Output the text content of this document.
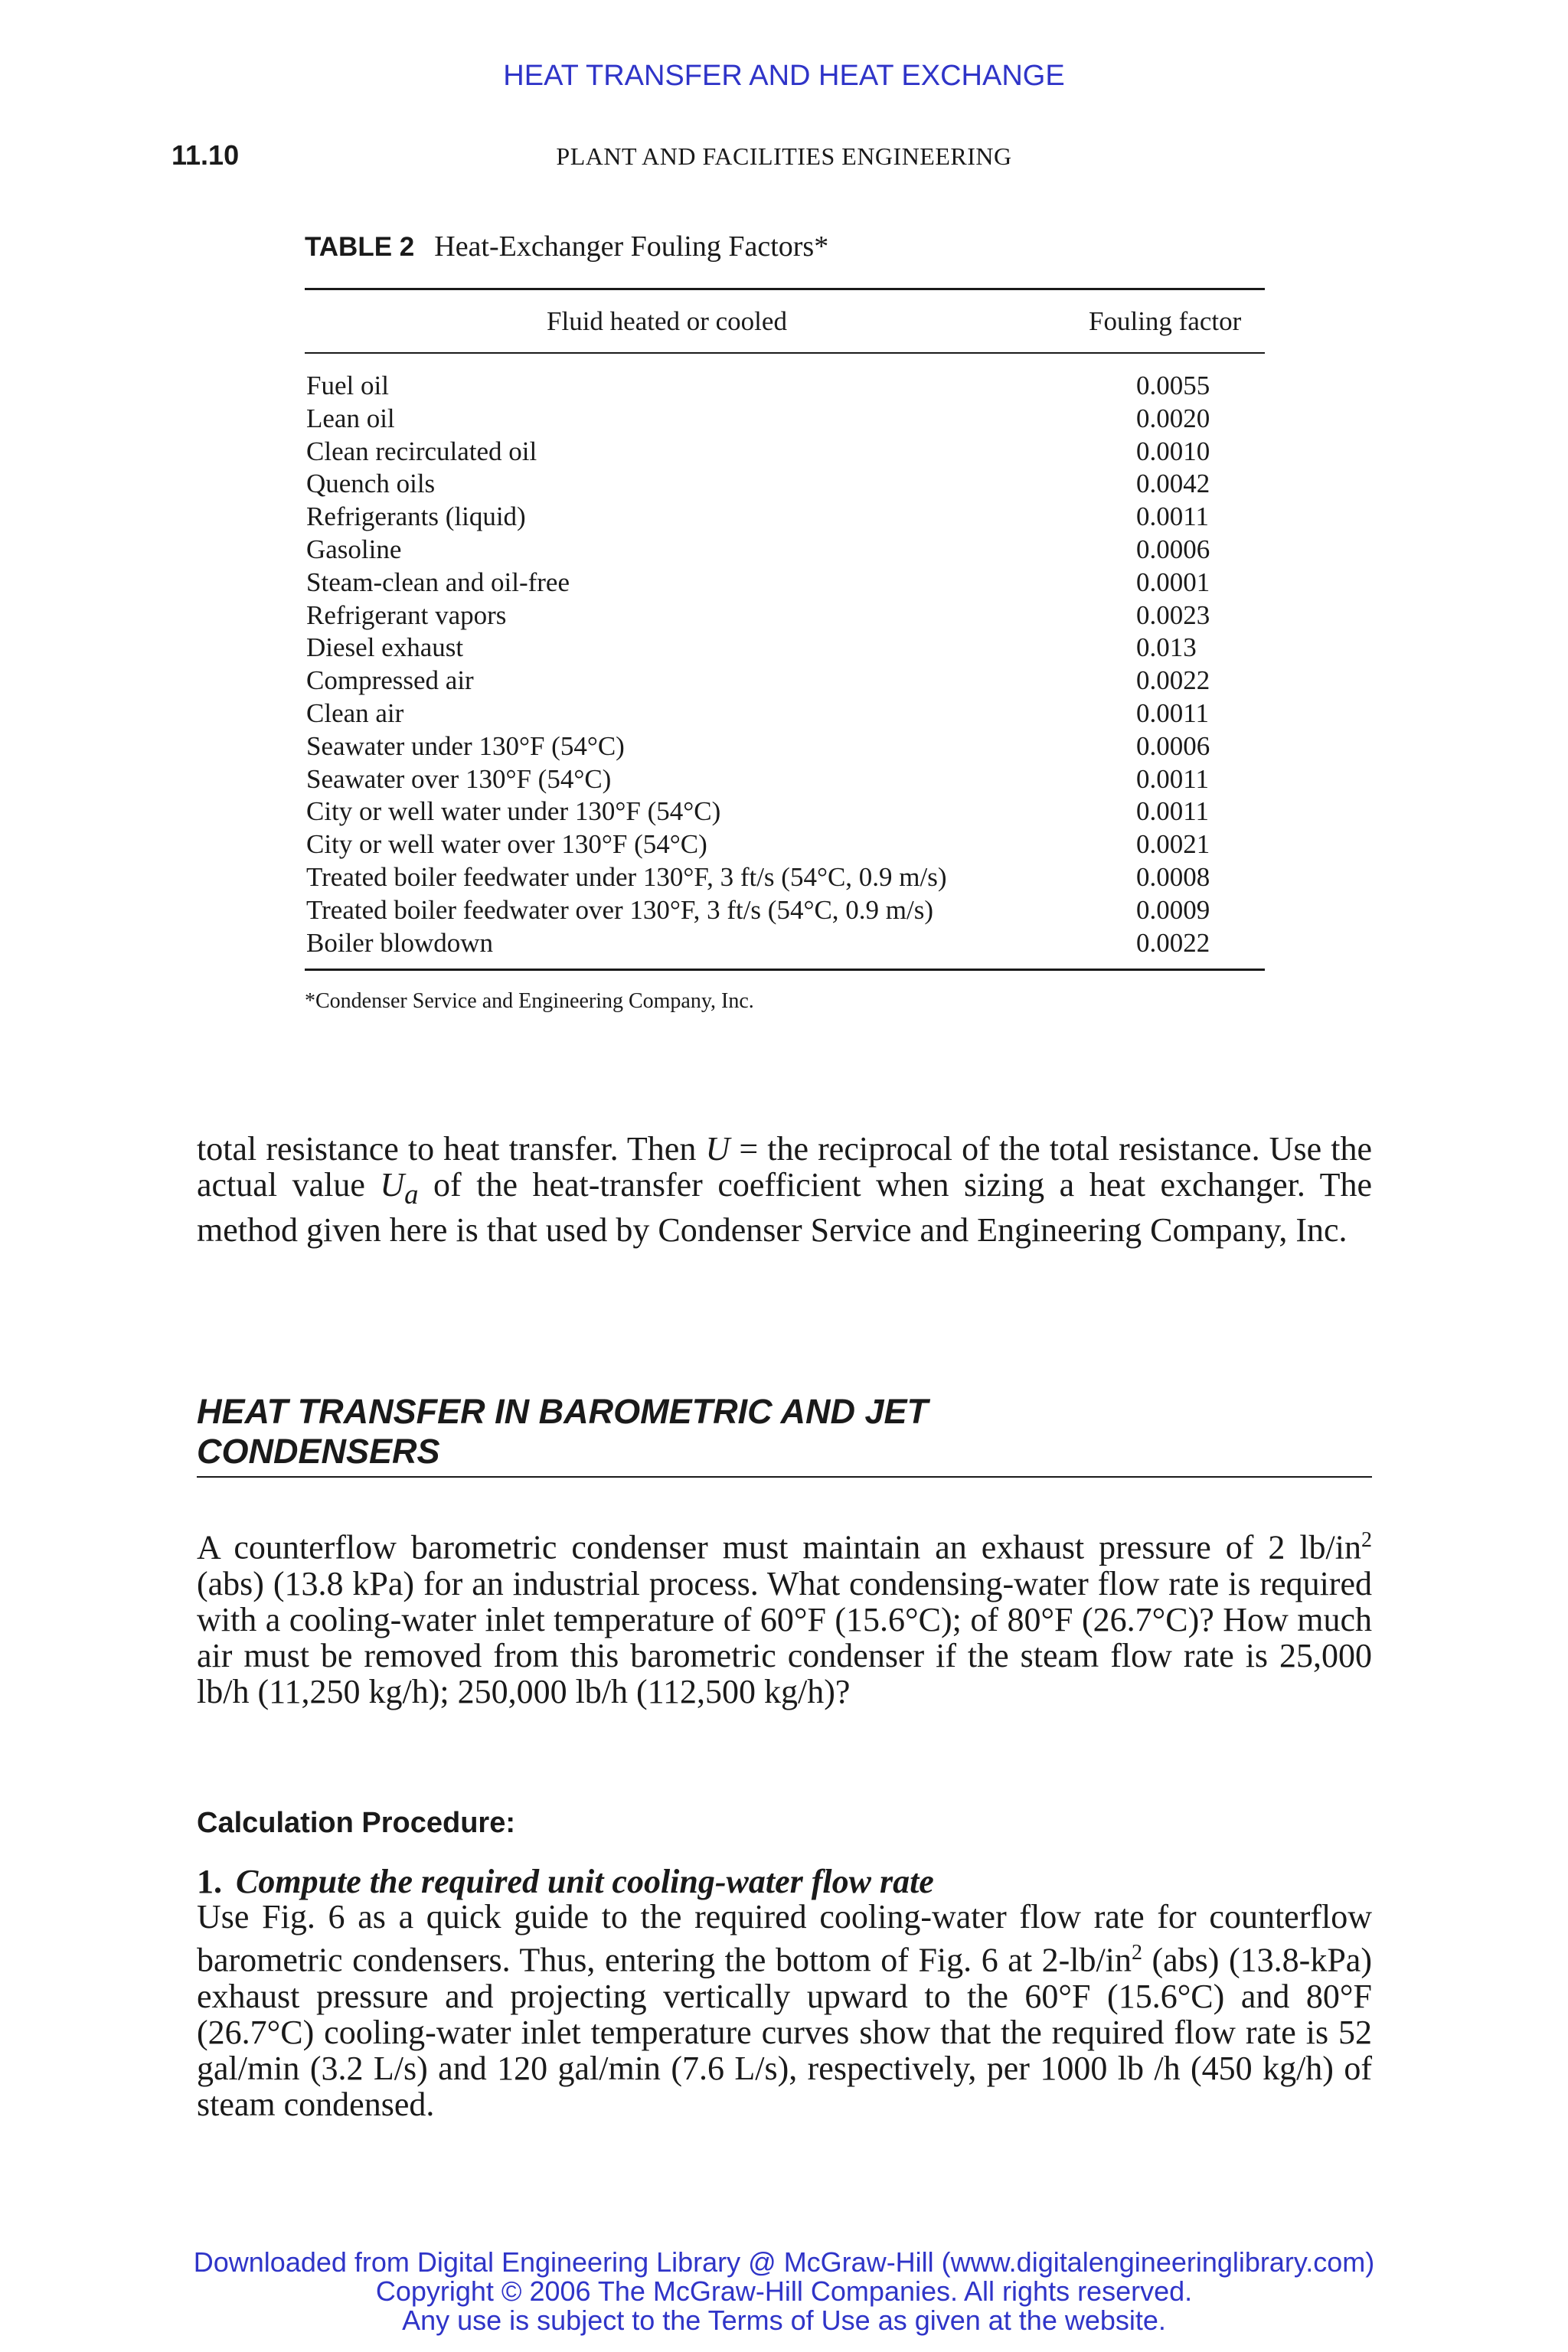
HEAT TRANSFER AND HEAT EXCHANGE
11.10	PLANT AND FACILITIES ENGINEERING
TABLE 2 Heat-Exchanger Fouling Factors*
Fluid heated or cooled	Fouling factor
Fuel oil	0.0055
Lean oil	0.0020
Clean recirculated oil	0.0010
Quench oils	0.0042
Refrigerants (liquid)	0.0011
Gasoline	0.0006
Steam-clean and oil-free	0.0001
Refrigerant vapors	0.0023
Diesel exhaust	0.013
Compressed air	0.0022
Clean air	0.0011
Seawater under 130°F (54°C)	0.0006
Seawater over 130°F (54°C)	0.0011
City or well water under 130°F (54°C)	0.0011
City or well water over 130°F (54°C)	0.0021
Treated boiler feedwater under 130°F, 3 ft/s (54°C, 0.9 m/s)	0.0008
Treated boiler feedwater over 130°F, 3 ft/s (54°C, 0.9 m/s)	0.0009
Boiler blowdown	0.0022
*Condenser Service and Engineering Company, Inc.
total resistance to heat transfer. Then U = the reciprocal of the total resistance. Use the actual value $U_a$ of the heat-transfer coefficient when sizing a heat exchanger. The method given here is that used by Condenser Service and Engineering Company, Inc.
HEAT TRANSFER IN BAROMETRIC AND JET
CONDENSERS
A counterflow barometric condenser must maintain an exhaust pressure of 2 $lb/in^2$ (abs) (13.8 kPa) for an industrial process. What condensing-water flow rate is required with a cooling-water inlet temperature of 60°F (15.6°C); of 80°F (26.7°C)? How much air must be removed from this barometric condenser if the steam flow rate is 25,000 lb/h (11,250 kg/h); 250,000 lb/h (112,500 kg/h)?
Calculation Procedure:
1. Compute the required unit cooling-water flow rate
Use Fig. 6 as a quick guide to the required cooling-water flow rate for counterflow barometric condensers. Thus, entering the bottom of Fig. 6 at $2-lb/in^2$ (abs) (13.8-kPa) exhaust pressure and projecting vertically upward to the 60°F (15.6°C) and 80°F (26.7°C) cooling-water inlet temperature curves show that the required flow rate is 52 gal/min (3.2 L/s) and 120 gal/min (7.6 L/s), respectively, per 1000 lb /h (450 kg/h) of steam condensed.
Downloaded from Digital Engineering Library @ McGraw-Hill (www.digitalengineeringlibrary.com)
Copyright © 2006 The McGraw-Hill Companies. All rights reserved.
Any use is subject to the Terms of Use as given at the website.
